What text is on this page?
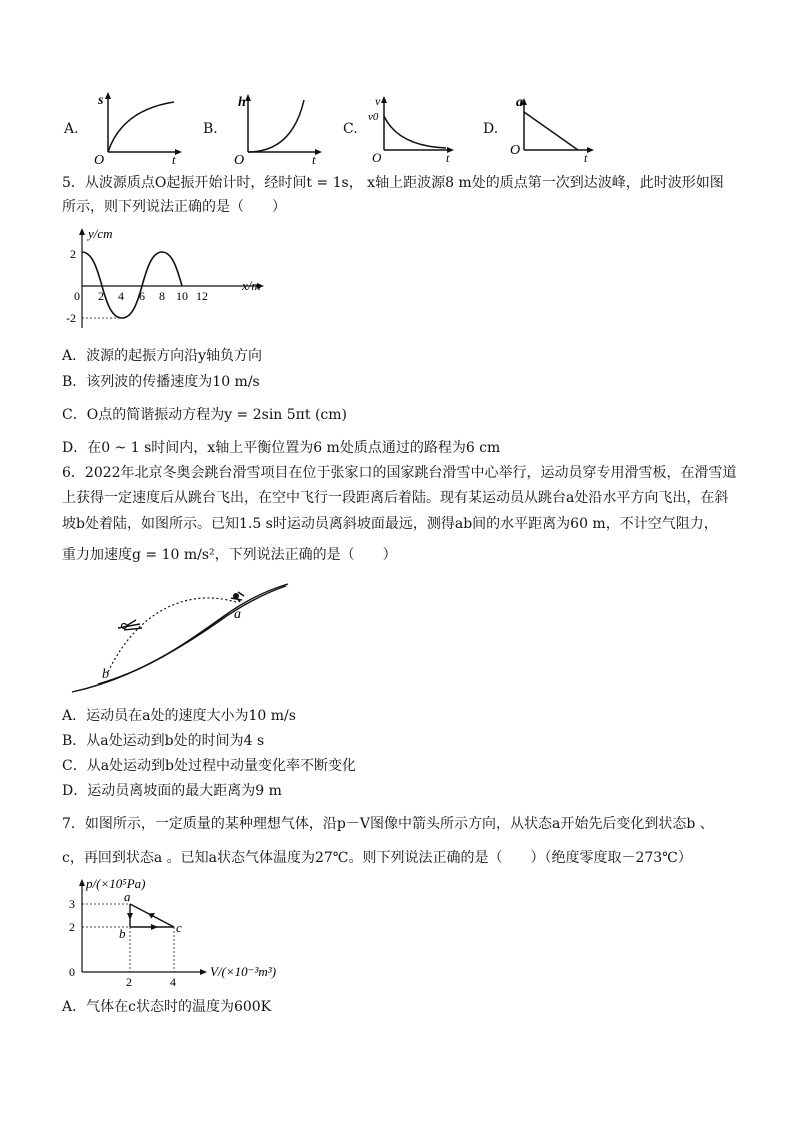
A.
s
O	t
B.
h
O	t
C.
v
v0
O	t
D.
a
O	t
5．从波源质点O起振开始计时，经时间t = 1s， x轴上距波源8 m处的质点第一次到达波峰，此时波形如图
所示，则下列说法正确的是（　　）
y/cm
x/m
2
-2
0 2 4 6 8 10 12
A．波源的起振方向沿y轴负方向
B．该列波的传播速度为10 m/s
C．O点的简谐振动方程为y = 2sin 5πt (cm)
D．在0 ~ 1 s时间内，x轴上平衡位置为6 m处质点通过的路程为6 cm
6．2022年北京冬奥会跳台滑雪项目在位于张家口的国家跳台滑雪中心举行，运动员穿专用滑雪板，在滑雪道
上获得一定速度后从跳台飞出，在空中飞行一段距离后着陆。现有某运动员从跳台a处沿水平方向飞出，在斜
坡b处着陆，如图所示。已知1.5 s时运动员离斜坡面最远，测得ab间的水平距离为60 m，不计空气阻力，
重力加速度g = 10 m/s²，下列说法正确的是（　　）
a
b
A．运动员在a处的速度大小为10 m/s
B．从a处运动到b处的时间为4 s
C．从a处运动到b处过程中动量变化率不断变化
D．运动员离坡面的最大距离为9 m
7．如图所示，一定质量的某种理想气体，沿p－V图像中箭头所示方向，从状态a开始先后变化到状态b 、
c，再回到状态a 。已知a状态气体温度为27℃。则下列说法正确的是（　　）（绝度零度取－273℃）
p/(×10⁵Pa)
V/(×10⁻³m³)
3
2
0
2	4
a
b	c
A．气体在c状态时的温度为600K
